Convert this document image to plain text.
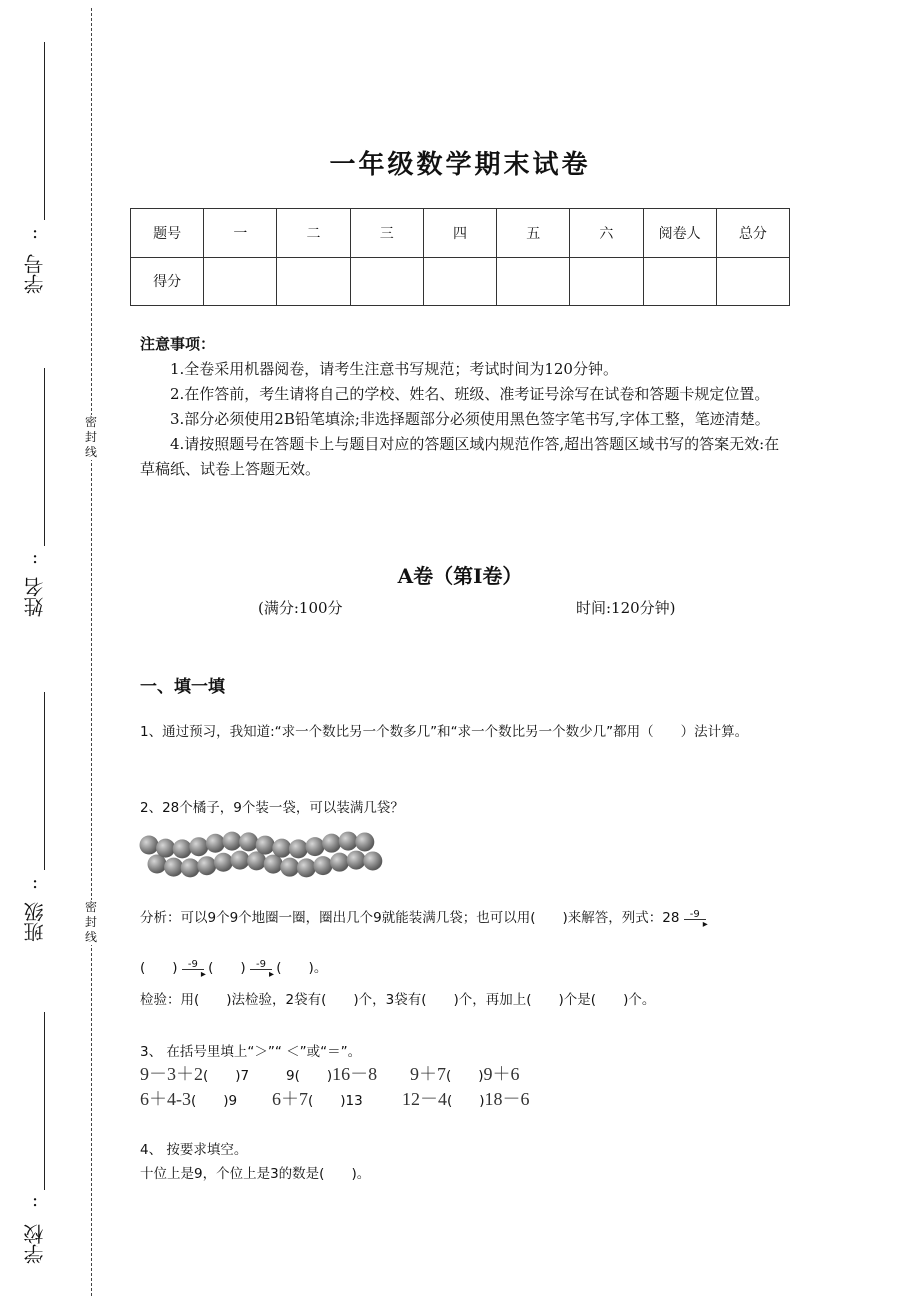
:
学号
:
姓名
:
班级
:
学校
密封线
密封线
一年级数学期末试卷
题号	一	二	三	四	五	六	阅卷人	总分
得分								
注意事项：

1.全卷采用机器阅卷，请考生注意书写规范；考试时间为120分钟。

2.在作答前，考生请将自己的学校、姓名、班级、准考证号涂写在试卷和答题卡规定位置。

3.部分必须使用2B铅笔填涂;非选择题部分必须使用黑色签字笔书写,字体工整，笔迹清楚。

4.请按照题号在答题卡上与题目对应的答题区域内规范作答,超出答题区域书写的答案无效:在草稿纸、试卷上答题无效。

A卷（第I卷）
(满分:100分	时间:120分钟)
一、填一填
1、通过预习，我知道:“求一个数比另一个数多几”和“求一个数比另一个数少几”都用（　　）法计算。
2、28个橘子，9个装一袋，可以装满几袋？
分析：可以9个9个地圈一圈，圈出几个9就能装满几袋；也可以用(　　)来解答，列式：28 -9
▸
(　　) -9
▸ (　　) -9
▸ (　　)。
检验：用(　　)法检验，2袋有(　　)个，3袋有(　　)个，再加上(　　)个是(　　)个。
3、 在括号里填上“＞”“ ＜”或“＝”。
9－3＋2(　　)7	9(　　)16－8 9＋7(　　)9＋6
6＋4-3(　　)9 6＋7(　　)13 12－4(　　)18－6
4、 按要求填空。
十位上是9，个位上是3的数是(　　)。
